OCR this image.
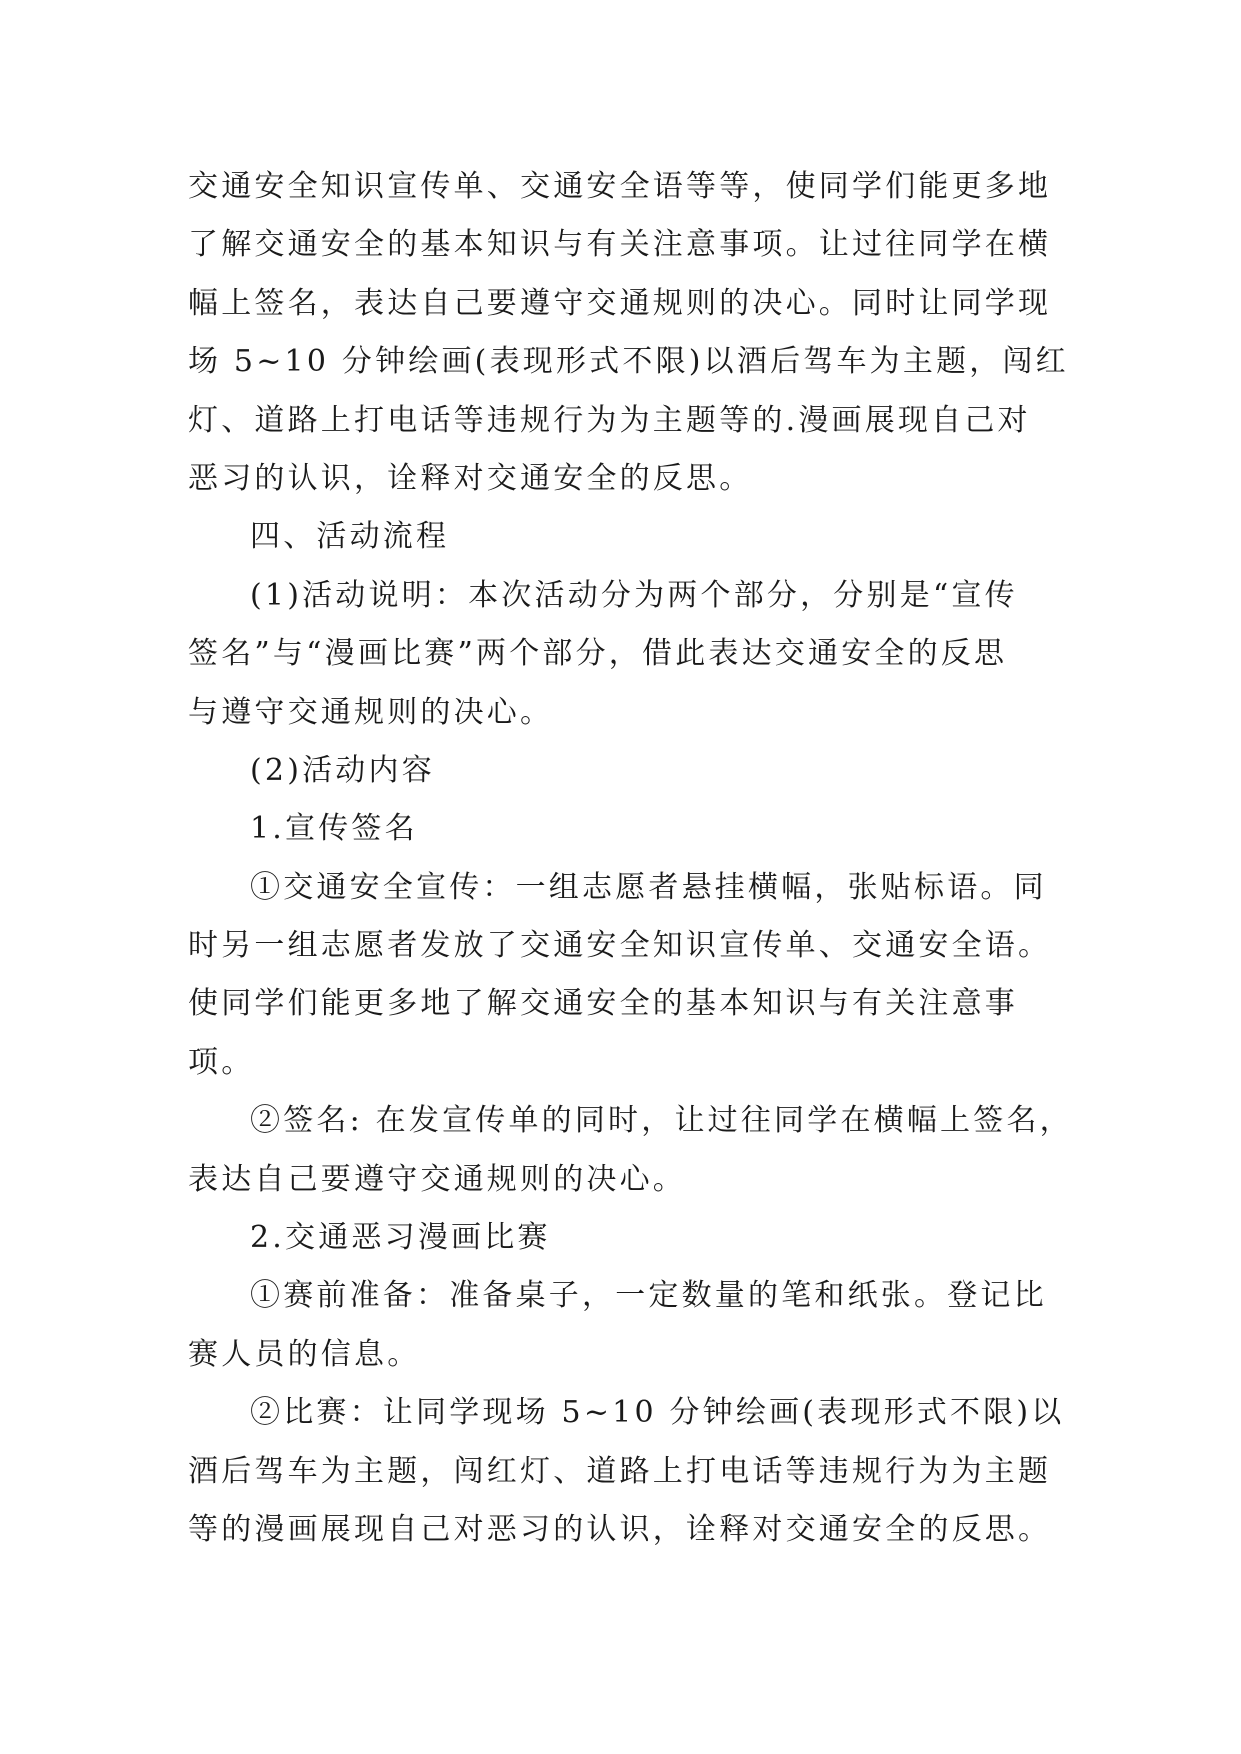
交通安全知识宣传单、交通安全语等等，使同学们能更多地
了解交通安全的基本知识与有关注意事项。让过往同学在横
幅上签名，表达自己要遵守交通规则的决心。同时让同学现
场 5~10 分钟绘画(表现形式不限)以酒后驾车为主题，闯红
灯、道路上打电话等违规行为为主题等的.漫画展现自己对
恶习的认识，诠释对交通安全的反思。
四、活动流程
(1)活动说明：本次活动分为两个部分，分别是“宣传
签名”与“漫画比赛”两个部分，借此表达交通安全的反思
与遵守交通规则的决心。
(2)活动内容
1.宣传签名
①交通安全宣传：一组志愿者悬挂横幅，张贴标语。同
时另一组志愿者发放了交通安全知识宣传单、交通安全语。
使同学们能更多地了解交通安全的基本知识与有关注意事
项。
②签名: 在发宣传单的同时，让过往同学在横幅上签名，
表达自己要遵守交通规则的决心。
2.交通恶习漫画比赛
①赛前准备：准备桌子，一定数量的笔和纸张。登记比
赛人员的信息。
②比赛：让同学现场 5~10 分钟绘画(表现形式不限)以
酒后驾车为主题，闯红灯、道路上打电话等违规行为为主题
等的漫画展现自己对恶习的认识，诠释对交通安全的反思。
